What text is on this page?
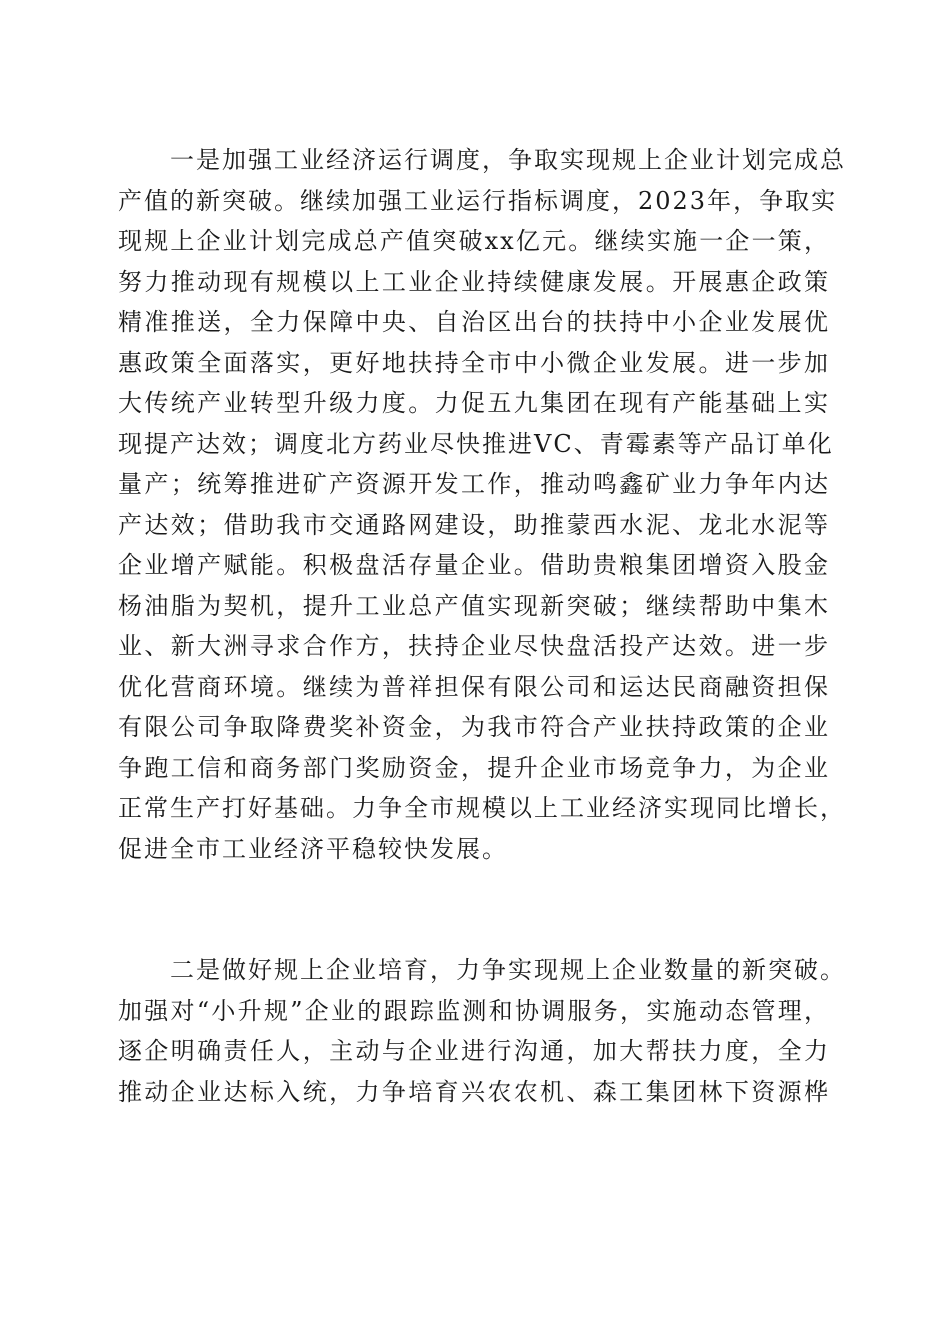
　　一是加强工业经济运行调度，争取实现规上企业计划完成总
产值的新突破。继续加强工业运行指标调度，2023年，争取实
现规上企业计划完成总产值突破xx亿元。继续实施一企一策，
努力推动现有规模以上工业企业持续健康发展。开展惠企政策
精准推送，全力保障中央、自治区出台的扶持中小企业发展优
惠政策全面落实，更好地扶持全市中小微企业发展。进一步加
大传统产业转型升级力度。力促五九集团在现有产能基础上实
现提产达效；调度北方药业尽快推进VC、青霉素等产品订单化
量产；统筹推进矿产资源开发工作，推动鸣鑫矿业力争年内达
产达效；借助我市交通路网建设，助推蒙西水泥、龙北水泥等
企业增产赋能。积极盘活存量企业。借助贵粮集团增资入股金
杨油脂为契机，提升工业总产值实现新突破；继续帮助中集木
业、新大洲寻求合作方，扶持企业尽快盘活投产达效。进一步
优化营商环境。继续为普祥担保有限公司和运达民商融资担保
有限公司争取降费奖补资金，为我市符合产业扶持政策的企业
争跑工信和商务部门奖励资金，提升企业市场竞争力，为企业
正常生产打好基础。力争全市规模以上工业经济实现同比增长，
促进全市工业经济平稳较快发展。
　　二是做好规上企业培育，力争实现规上企业数量的新突破。
加强对“小升规”企业的跟踪监测和协调服务，实施动态管理，
逐企明确责任人，主动与企业进行沟通，加大帮扶力度，全力
推动企业达标入统，力争培育兴农农机、森工集团林下资源桦
